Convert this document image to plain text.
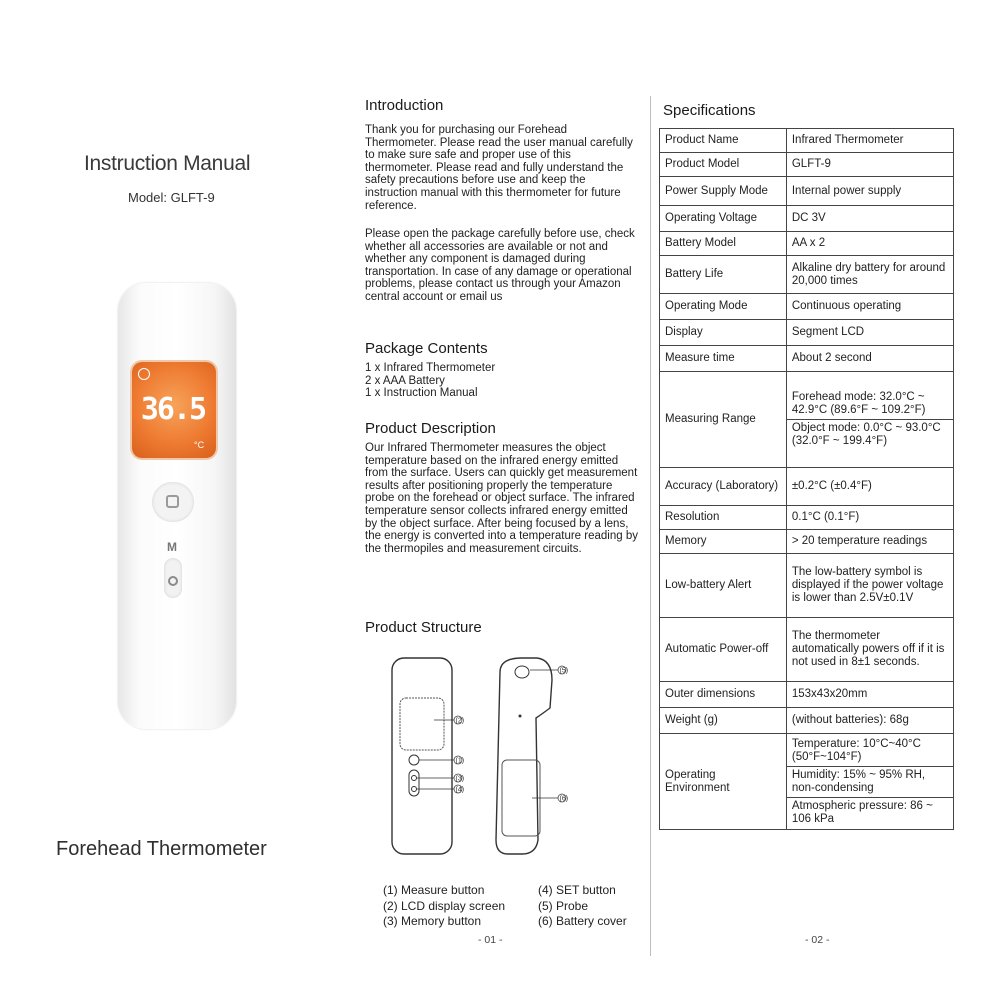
Instruction Manual
Model: GLFT-9
36.5
°C
M
Forehead Thermometer
Introduction
Thank you for purchasing our Forehead Thermometer. Please read the user manual carefully to make sure safe and proper use of this thermometer. Please read and fully understand the safety precautions before use and keep the instruction manual with this thermometer for future reference.
Please open the package carefully before use, check whether all accessories are available or not and whether any component is damaged during transportation. In case of any damage or operational problems, please contact us through your Amazon central account or email us
Package Contents
1 x Infrared Thermometer
2 x AAA Battery
1 x Instruction Manual
Product Description
Our Infrared Thermometer measures the object temperature based on the infrared energy emitted from the surface. Users can quickly get measurement results after positioning properly the temperature probe on the forehead or object surface. The infrared temperature sensor collects infrared energy emitted by the object surface. After being focused by a lens, the energy is converted into a temperature reading by the thermopiles and measurement circuits.
Product Structure
(2)
(1)
(3)
(4)
(5)
(6)
(1) Measure button
(2) LCD display screen
(3) Memory button
(4) SET button
(5) Probe
(6) Battery cover
- 01 -
Specifications
Product Name	Infrared Thermometer
Product Model	GLFT-9
Power Supply Mode	Internal power supply
Operating Voltage	DC 3V
Battery Model	AA x 2
Battery Life	Alkaline dry battery for around 20,000 times
Operating Mode	Continuous operating
Display	Segment LCD
Measure time	About 2 second
Measuring Range	Forehead mode: 32.0°C ~ 42.9°C (89.6°F ~ 109.2°F)
Object mode: 0.0°C ~ 93.0°C (32.0°F ~ 199.4°F)

Accuracy (Laboratory)	±0.2°C (±0.4°F)
Resolution	0.1°C (0.1°F)
Memory	> 20 temperature readings
Low-battery Alert	The low-battery symbol is displayed if the power voltage is lower than 2.5V±0.1V
Automatic Power-off	The thermometer automatically powers off if it is not used in 8±1 seconds.
Outer dimensions	153x43x20mm
Weight (g)	(without batteries): 68g
Operating Environment	Temperature: 10°C~40°C (50°F~104°F)
Humidity: 15% ~ 95% RH, non-condensing
Atmospheric pressure: 86 ~ 106 kPa
- 02 -
